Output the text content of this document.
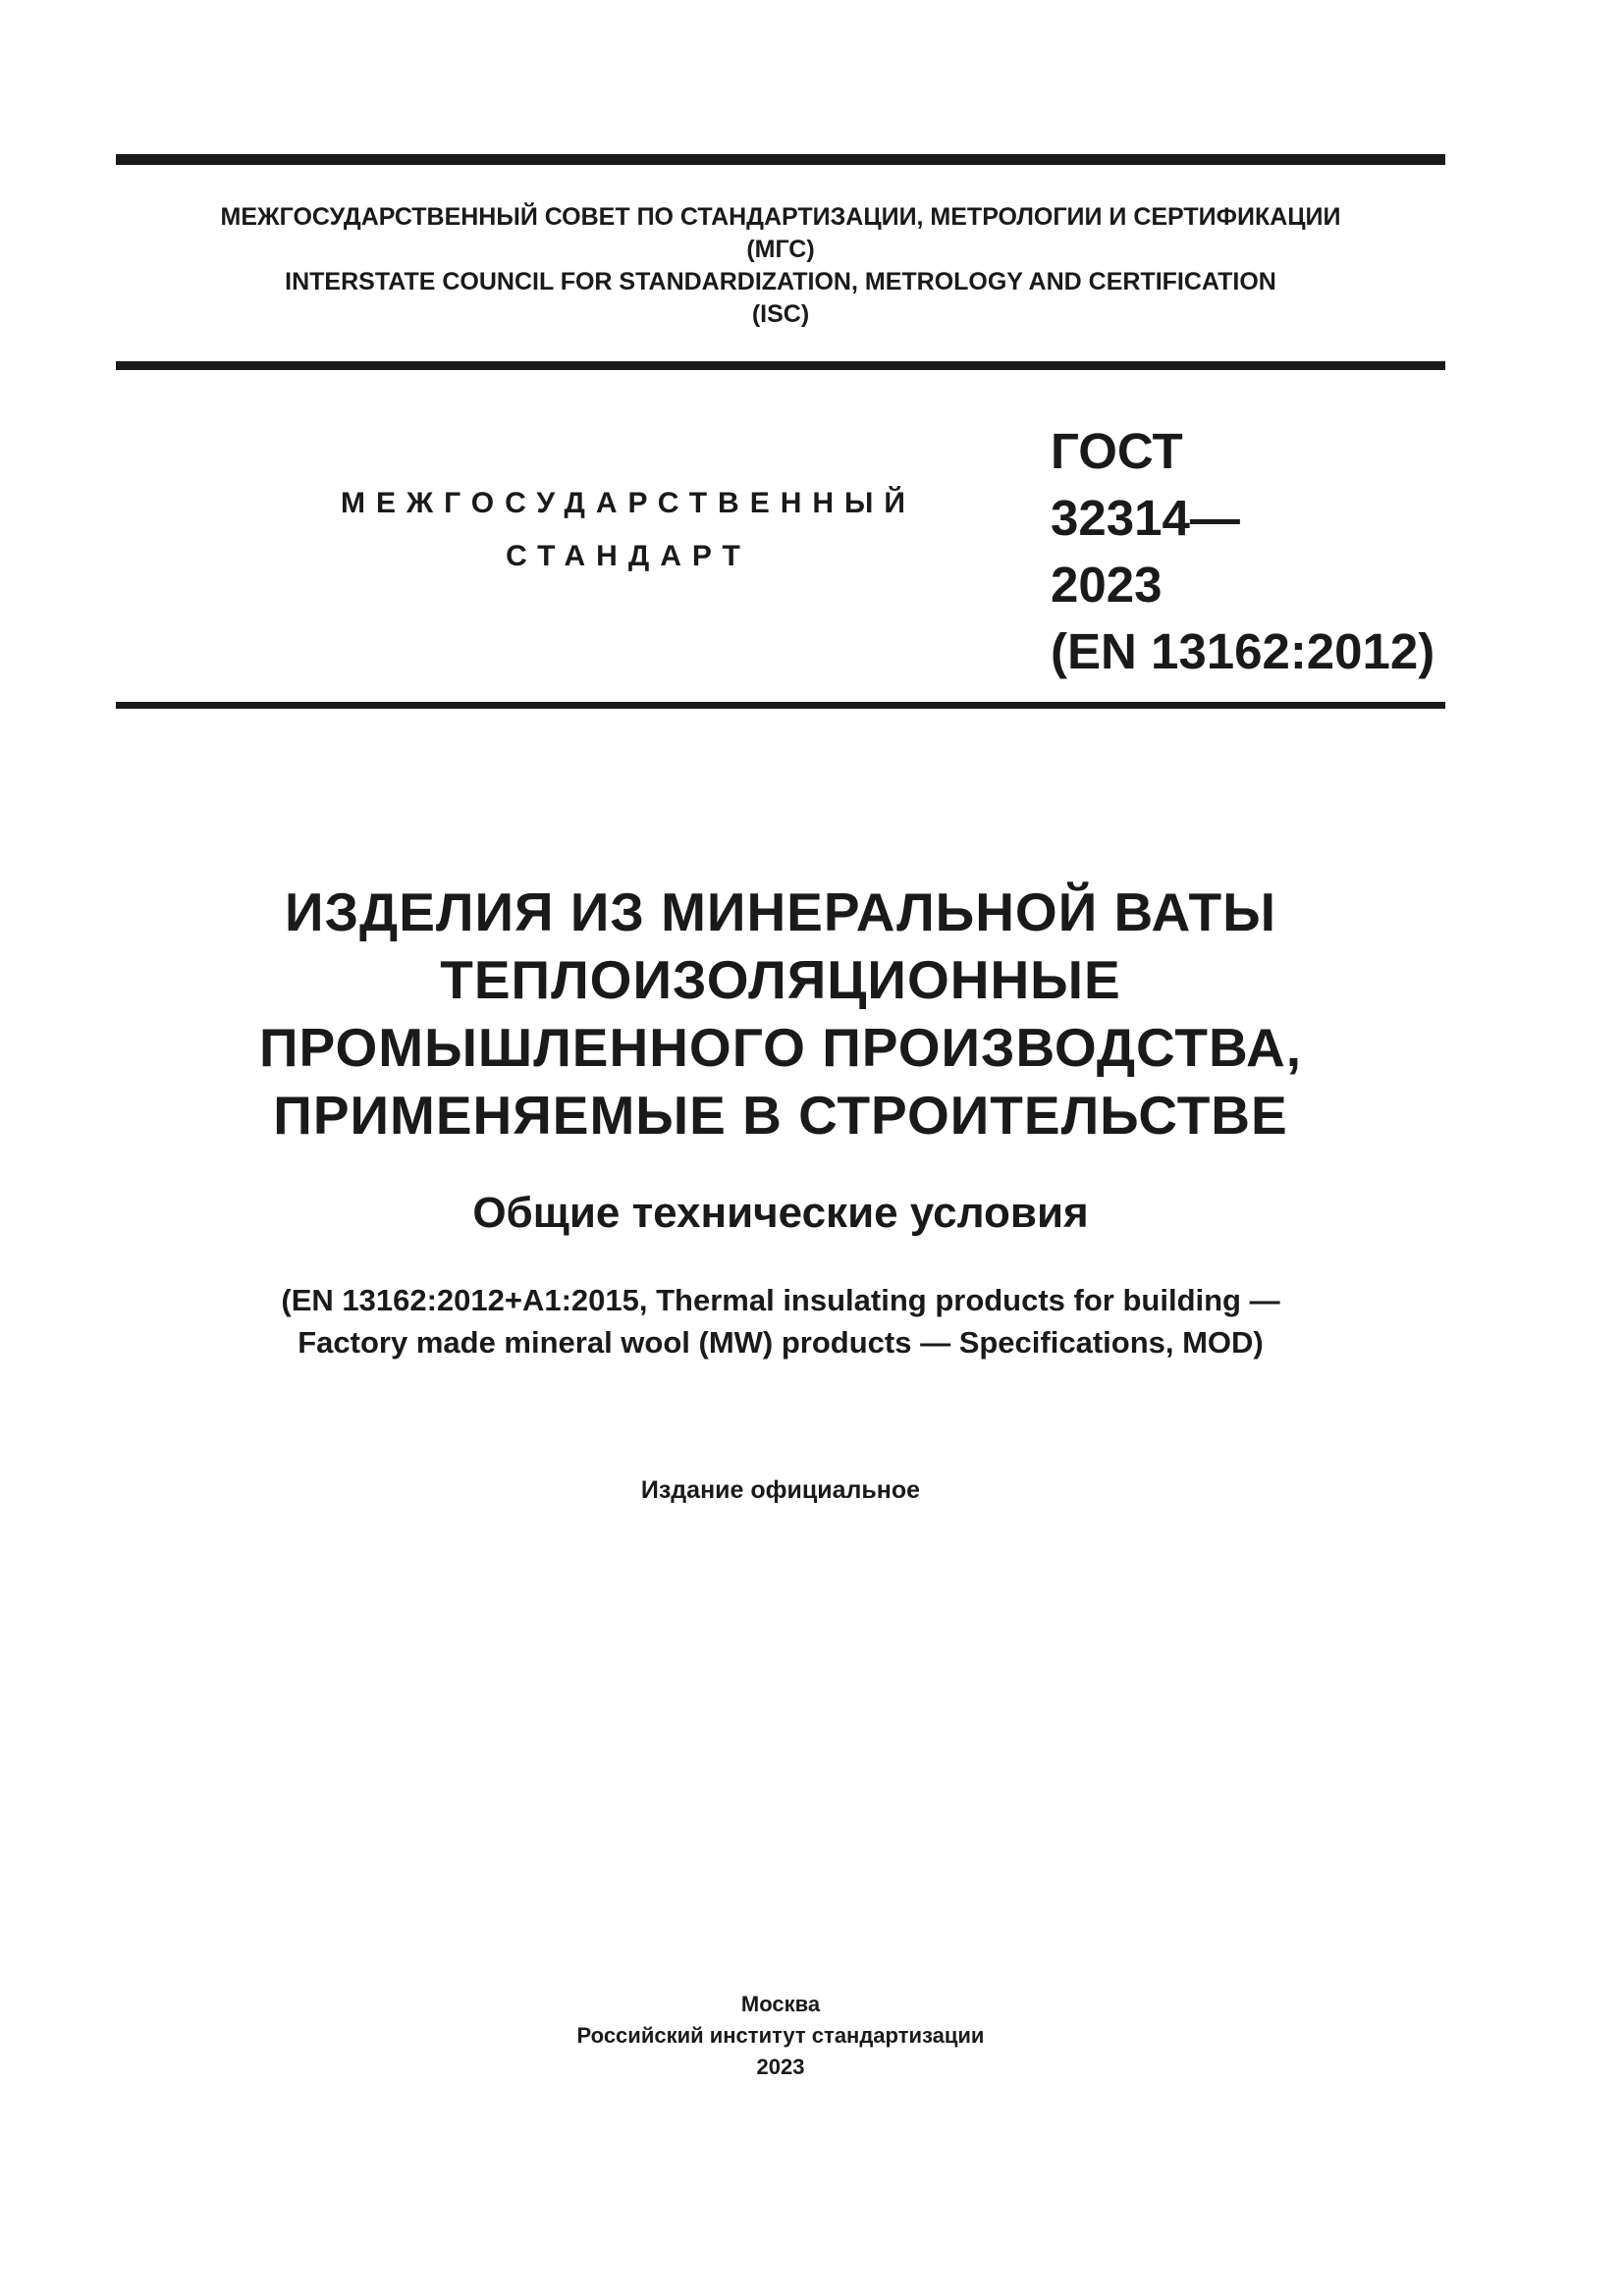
МЕЖГОСУДАРСТВЕННЫЙ СОВЕТ ПО СТАНДАРТИЗАЦИИ, МЕТРОЛОГИИ И СЕРТИФИКАЦИИ
(МГС)
INTERSTATE COUNCIL FOR STANDARDIZATION, METROLOGY AND CERTIFICATION
(ISC)
МЕЖГОСУДАРСТВЕННЫЙ
СТАНДАРТ
ГОСТ
32314—
2023
(EN 13162:2012)
ИЗДЕЛИЯ ИЗ МИНЕРАЛЬНОЙ ВАТЫ
ТЕПЛОИЗОЛЯЦИОННЫЕ
ПРОМЫШЛЕННОГО ПРОИЗВОДСТВА,
ПРИМЕНЯЕМЫЕ В СТРОИТЕЛЬСТВЕ
Общие технические условия
(EN 13162:2012+A1:2015, Thermal insulating products for building —
Factory made mineral wool (MW) products — Specifications, MOD)
Издание официальное
Москва
Российский институт стандартизации
2023
